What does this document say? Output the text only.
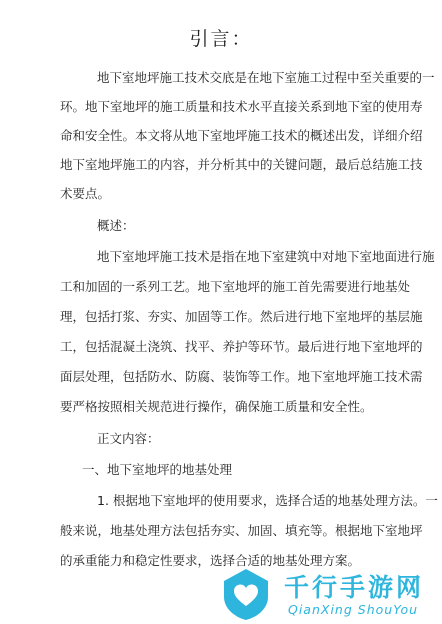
引言：
地下室地坪施工技术交底是在地下室施工过程中至关重要的一
环。地下室地坪的施工质量和技术水平直接关系到地下室的使用寿
命和安全性。本文将从地下室地坪施工技术的概述出发，详细介绍
地下室地坪施工的内容，并分析其中的关键问题，最后总结施工技
术要点。
概述：
地下室地坪施工技术是指在地下室建筑中对地下室地面进行施
工和加固的一系列工艺。地下室地坪的施工首先需要进行地基处
理，包括打浆、夯实、加固等工作。然后进行地下室地坪的基层施
工，包括混凝土浇筑、找平、养护等环节。最后进行地下室地坪的
面层处理，包括防水、防腐、装饰等工作。地下室地坪施工技术需
要严格按照相关规范进行操作，确保施工质量和安全性。
正文内容：
一、地下室地坪的地基处理
1. 根据地下室地坪的使用要求，选择合适的地基处理方法。一
般来说，地基处理方法包括夯实、加固、填充等。根据地下室地坪
的承重能力和稳定性要求，选择合适的地基处理方案。
千行手游网
QianXing ShouYou
